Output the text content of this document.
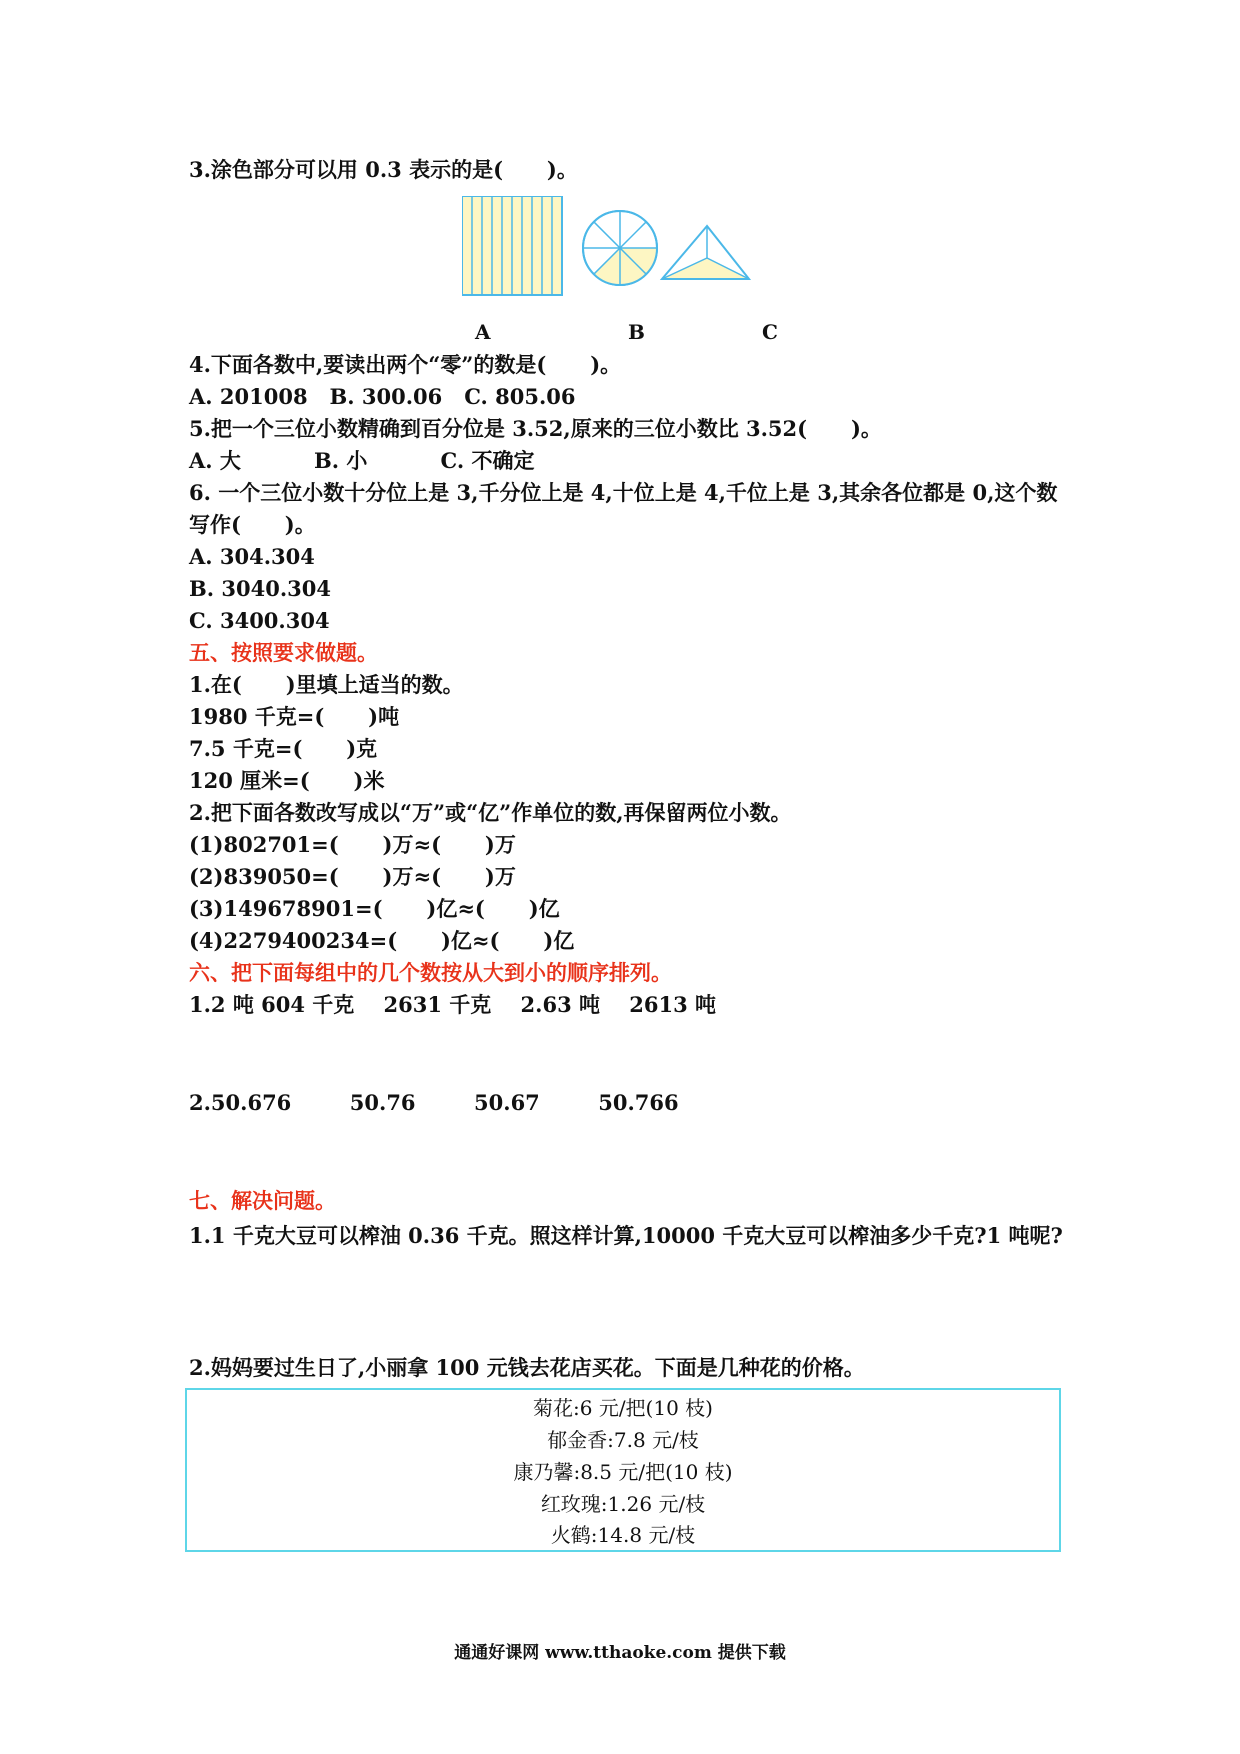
3.涂色部分可以用 0.3 表示的是(      )。
A	B	C
4.下面各数中,要读出两个“零”的数是(      )。
A. 201008   B. 300.06   C. 805.06
5.把一个三位小数精确到百分位是 3.52,原来的三位小数比 3.52(      )。
A. 大          B. 小          C. 不确定
6. 一个三位小数十分位上是 3,千分位上是 4,十位上是 4,千位上是 3,其余各位都是 0,这个数
写作(      )。
A. 304.304
B. 3040.304
C. 3400.304
五、按照要求做题。
1.在(      )里填上适当的数。
1980 千克=(      )吨
7.5 千克=(      )克
120 厘米=(      )米
2.把下面各数改写成以“万”或“亿”作单位的数,再保留两位小数。
(1)802701=(      )万≈(      )万
(2)839050=(      )万≈(      )万
(3)149678901=(      )亿≈(      )亿
(4)2279400234=(      )亿≈(      )亿
六、把下面每组中的几个数按从大到小的顺序排列。
1.2 吨 604 千克    2631 千克    2.63 吨    2613 吨
2.50.676        50.76        50.67        50.766
七、解决问题。
1.1 千克大豆可以榨油 0.36 千克。照这样计算,10000 千克大豆可以榨油多少千克?1 吨呢?
2.妈妈要过生日了,小丽拿 100 元钱去花店买花。下面是几种花的价格。
菊花:6 元/把(10 枝)
郁金香:7.8 元/枝
康乃馨:8.5 元/把(10 枝)
红玫瑰:1.26 元/枝
火鹤:14.8 元/枝
通通好课网 www.tthaoke.com 提供下载
